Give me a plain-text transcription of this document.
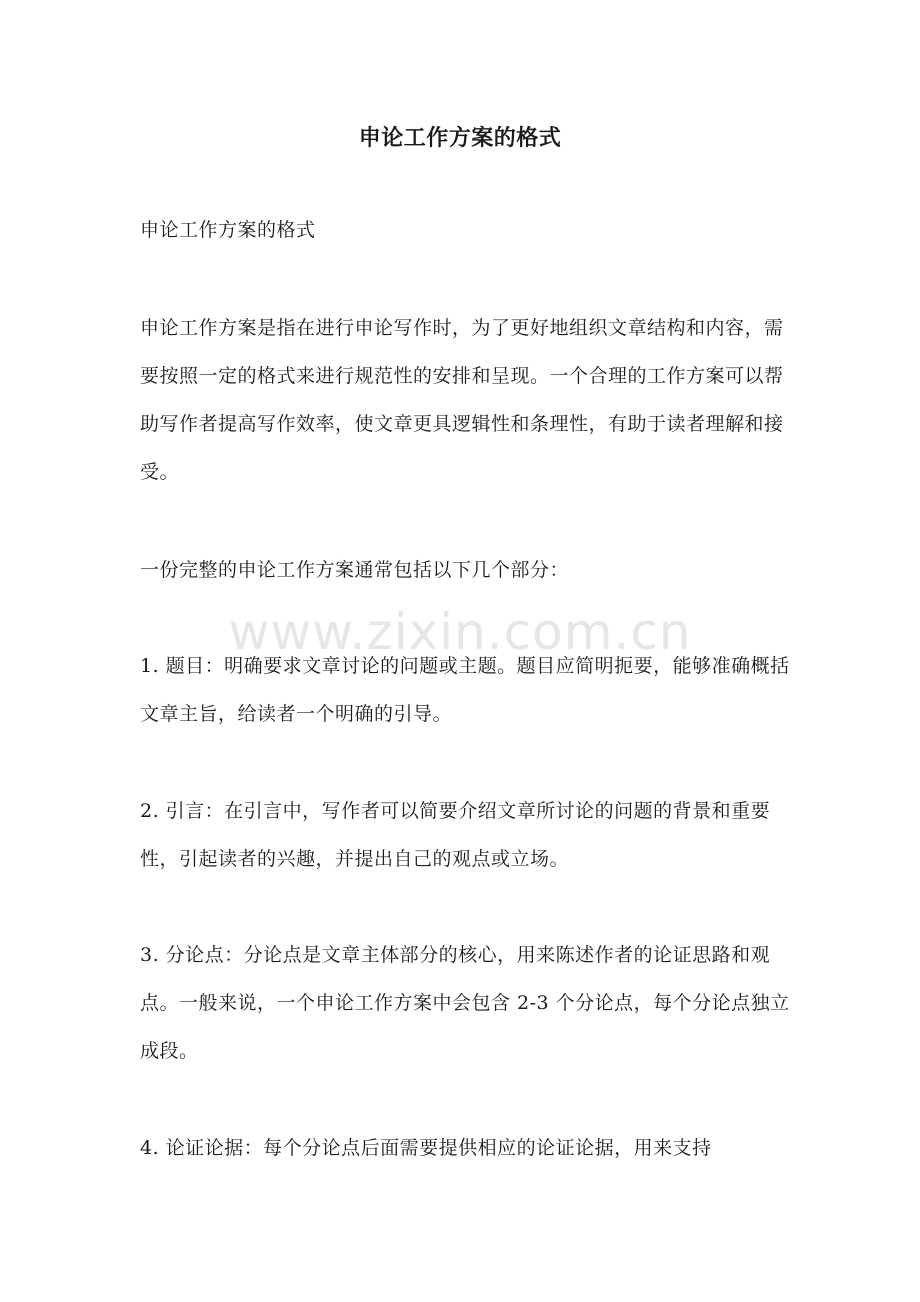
申论工作方案的格式

申论工作方案的格式

申论工作方案是指在进行申论写作时，为了更好地组织文章结构和内容，需要按照一定的格式来进行规范性的安排和呈现。一个合理的工作方案可以帮助写作者提高写作效率，使文章更具逻辑性和条理性，有助于读者理解和接受。

一份完整的申论工作方案通常包括以下几个部分：

1. 题目：明确要求文章讨论的问题或主题。题目应简明扼要，能够准确概括文章主旨，给读者一个明确的引导。

2. 引言：在引言中，写作者可以简要介绍文章所讨论的问题的背景和重要性，引起读者的兴趣，并提出自己的观点或立场。

3. 分论点：分论点是文章主体部分的核心，用来陈述作者的论证思路和观点。一般来说，一个申论工作方案中会包含 2-3 个分论点，每个分论点独立成段。

4. 论证论据：每个分论点后面需要提供相应的论证论据，用来支持

www.zixin.com.cn
